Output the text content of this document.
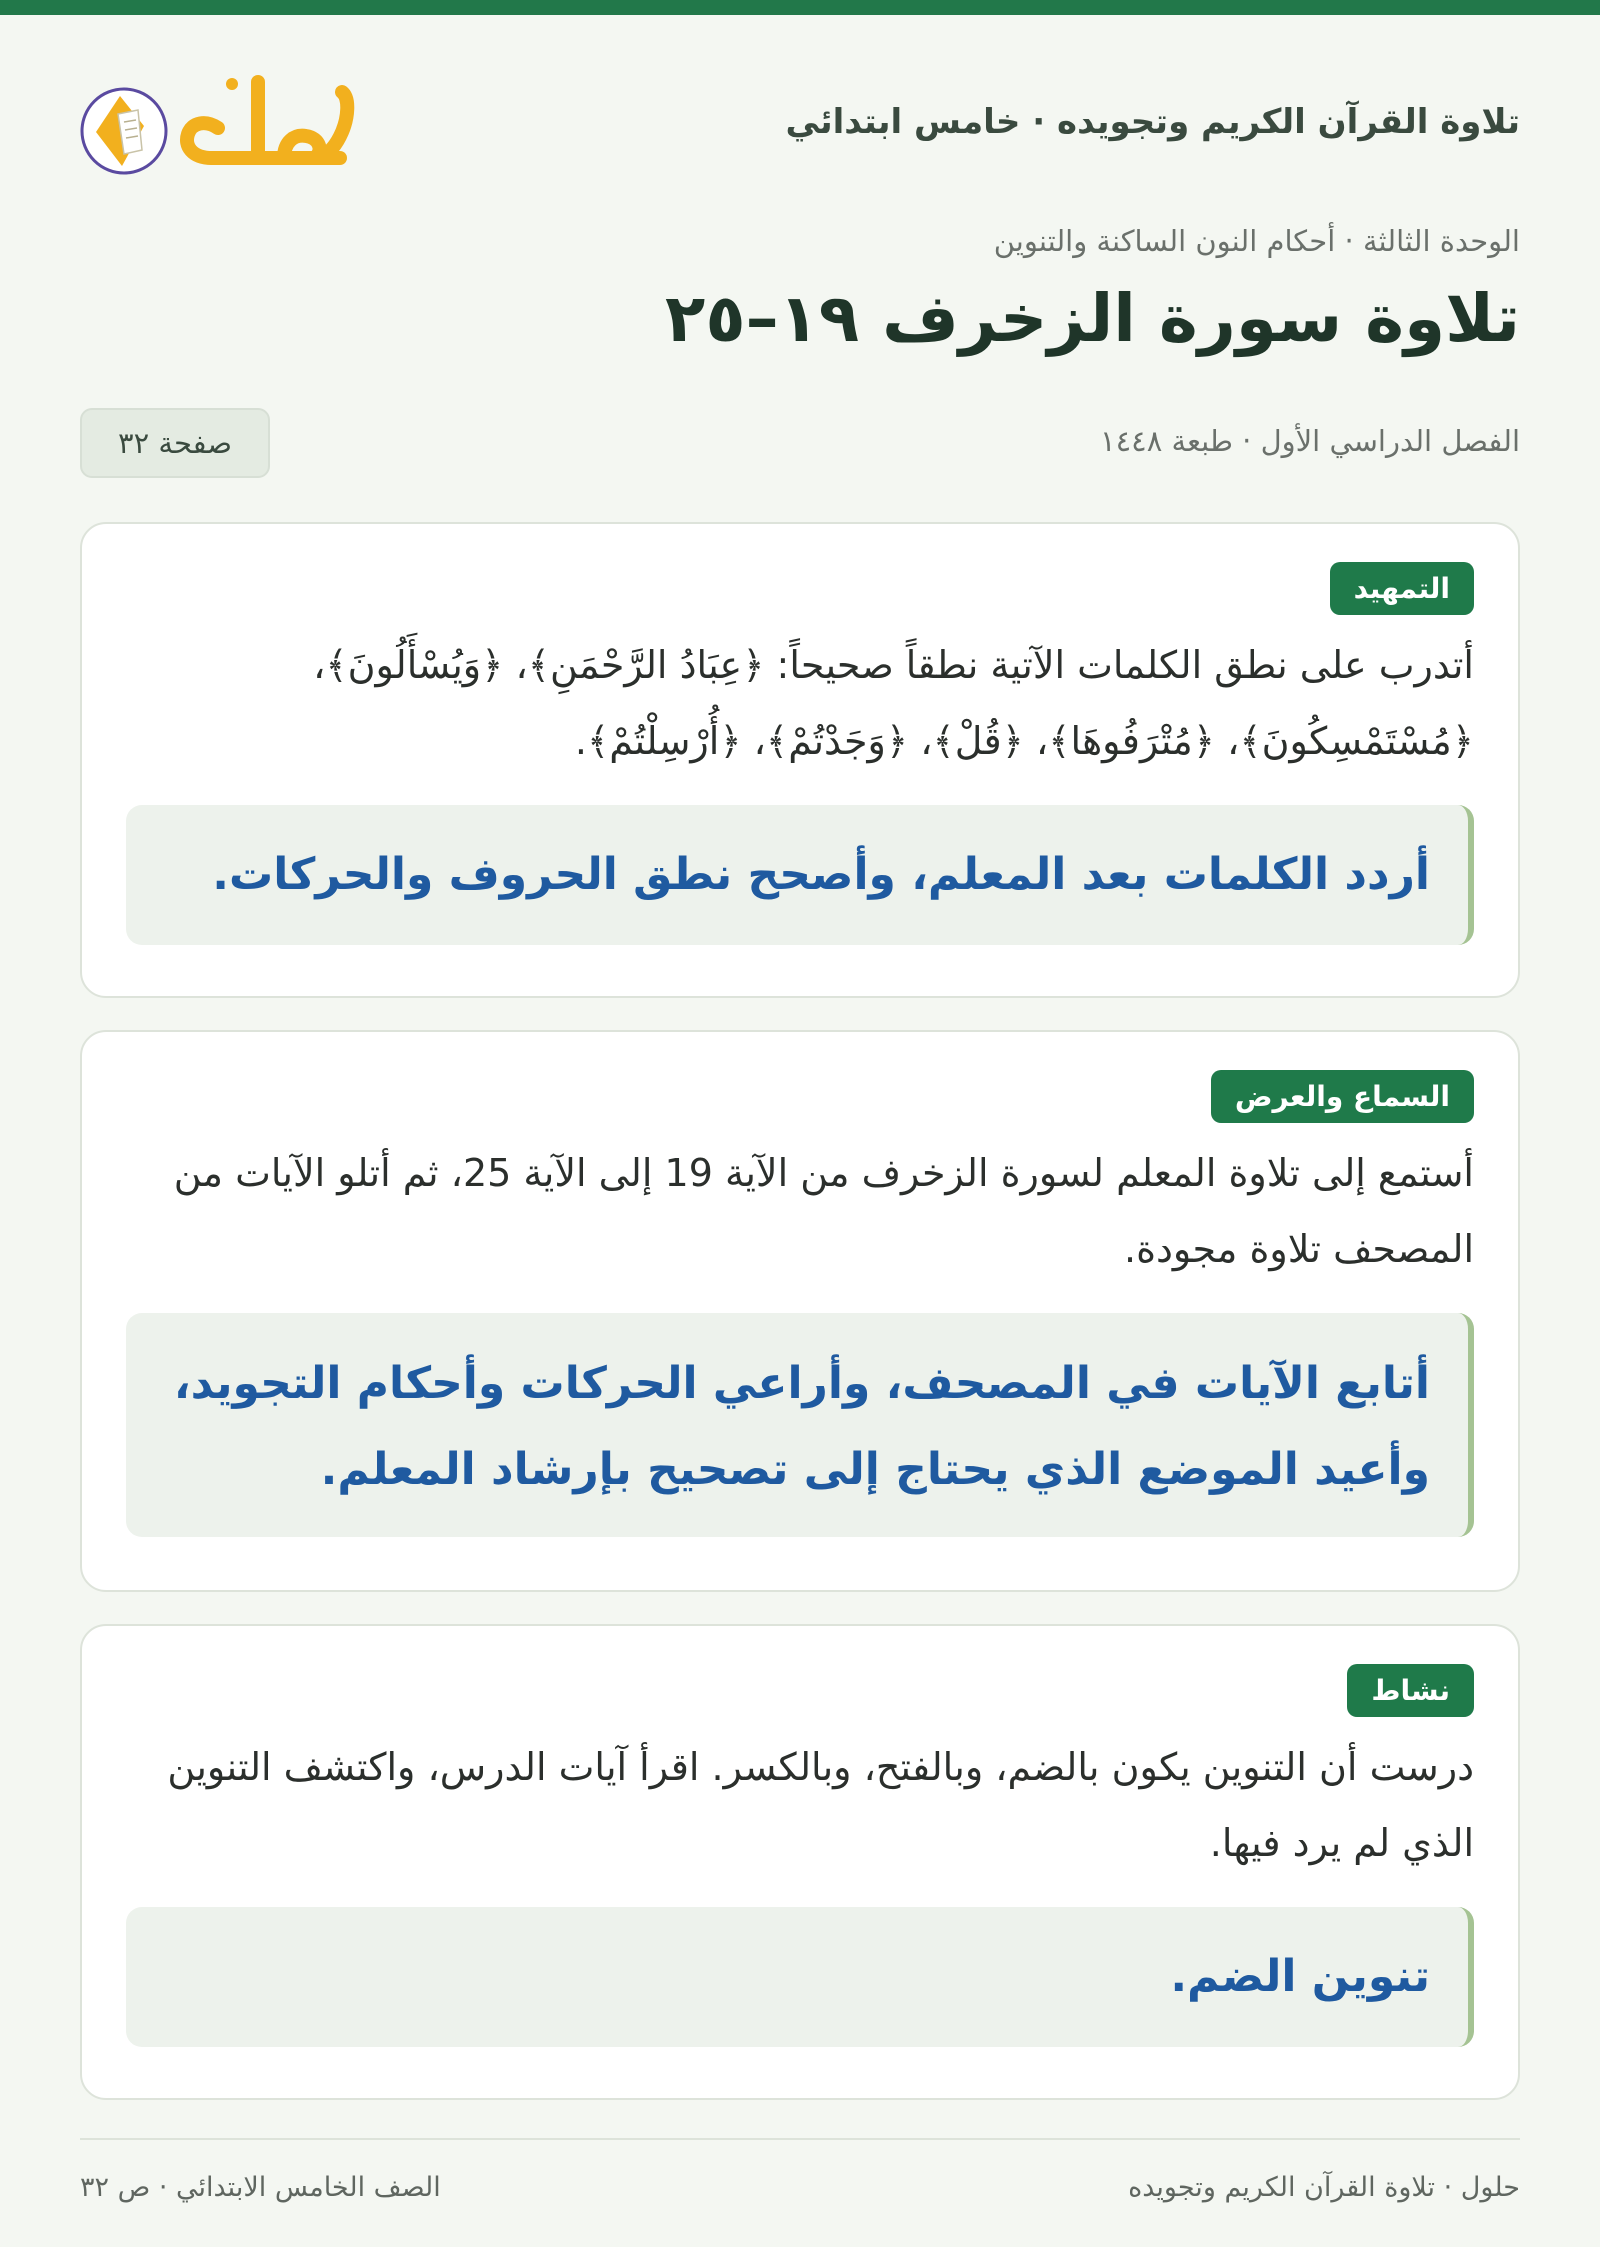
تلاوة القرآن الكريم وتجويده · خامس ابتدائي
الوحدة الثالثة · أحكام النون الساكنة والتنوين
تلاوة سورة الزخرف ١٩–٢٥
الفصل الدراسي الأول · طبعة ١٤٤٨
صفحة ٣٢
التمهيد

أتدرب على نطق الكلمات الآتية نطقاً صحيحاً: ﴿عِبَادُ الرَّحْمَنِ﴾، ﴿وَيُسْأَلُونَ﴾، ﴿مُسْتَمْسِكُونَ﴾، ﴿مُتْرَفُوهَا﴾، ﴿قُلْ﴾، ﴿وَجَدْتُمْ﴾، ﴿أُرْسِلْتُمْ﴾.

أردد الكلمات بعد المعلم، وأصحح نطق الحروف والحركات.
السماع والعرض

أستمع إلى تلاوة المعلم لسورة الزخرف من الآية 19 إلى الآية 25، ثم أتلو الآيات من المصحف تلاوة مجودة.

أتابع الآيات في المصحف، وأراعي الحركات وأحكام التجويد، وأعيد الموضع الذي يحتاج إلى تصحيح بإرشاد المعلم.
نشاط

درست أن التنوين يكون بالضم، وبالفتح، وبالكسر. اقرأ آيات الدرس، واكتشف التنوين الذي لم يرد فيها.

تنوين الضم.
حلول · تلاوة القرآن الكريم وتجويده
الصف الخامس الابتدائي · ص ٣٢
